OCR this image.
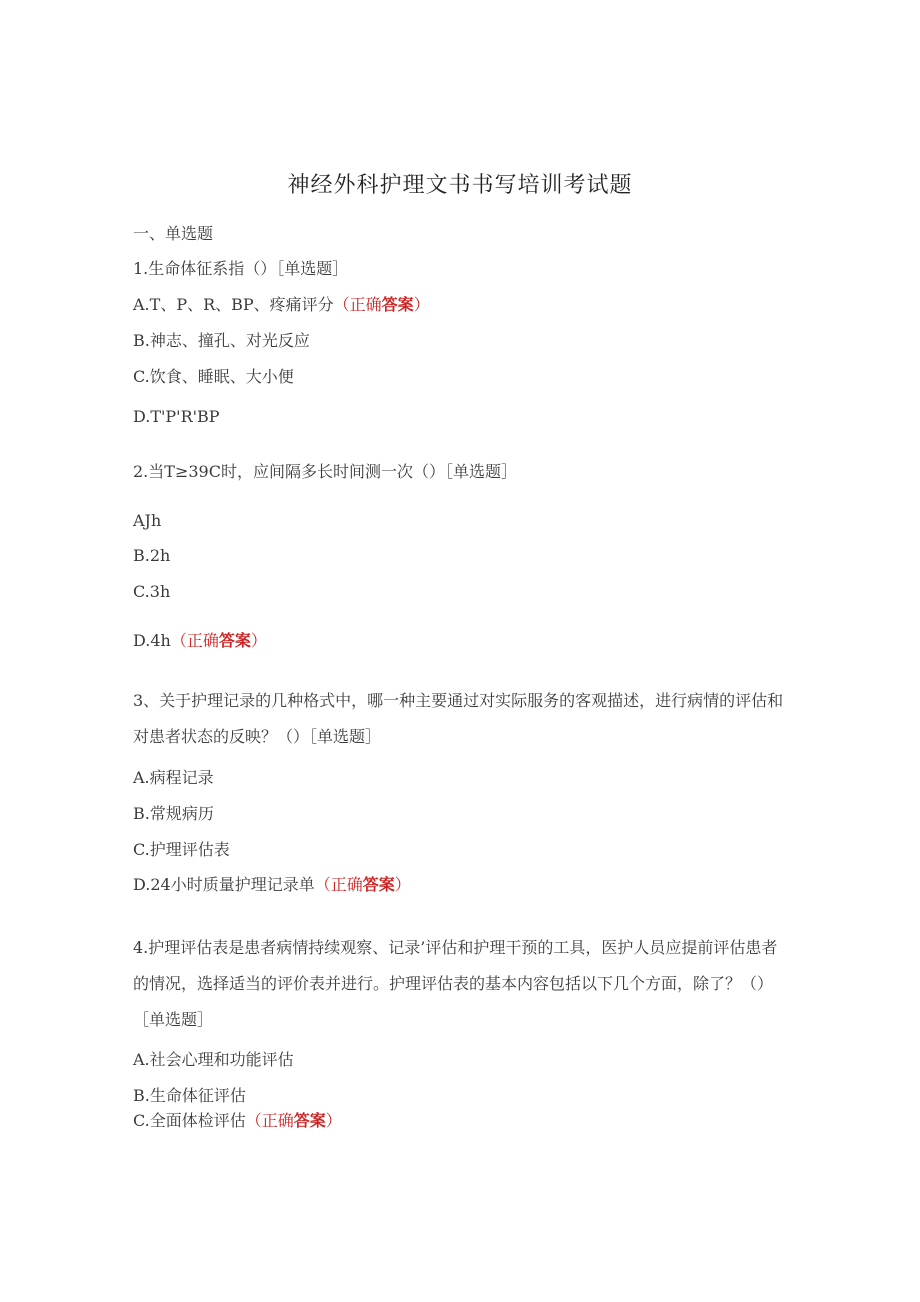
神经外科护理文书书写培训考试题
一、单选题
1.生命体征系指（）［单选题］
A.T、P、R、BP、疼痛评分（正确答案）
B.神志、撞孔、对光反应
C.饮食、睡眠、大小便
D.T'P'R'BP
2.当T≥39C时，应间隔多长时间测一次（）［单选题］
AJh
B.2h
C.3h
D.4h（正确答案）
3、关于护理记录的几种格式中，哪一种主要通过对实际服务的客观描述，进行病情的评估和对患者状态的反映？（）［单选题］
A.病程记录
B.常规病历
C.护理评估表
D.24小时质量护理记录单（正确答案）
4.护理评估表是患者病情持续观察、记录’评估和护理干预的工具，医护人员应提前评估患者的情况，选择适当的评价表并进行。护理评估表的基本内容包括以下几个方面，除了？（）［单选题］
A.社会心理和功能评估
B.生命体征评估
C.全面体检评估（正确答案）
